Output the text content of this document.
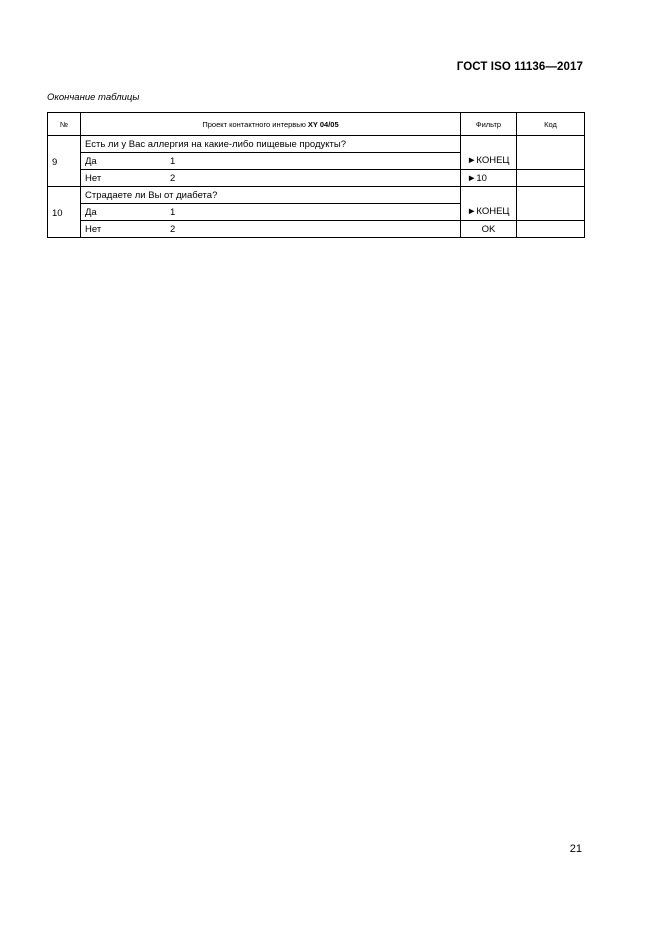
ГОСТ ISO 11136—2017
Окончание таблицы
№	Проект контактного интервью XY 04/05	Фильтр	Код
9	Есть ли у Вас аллергия на какие-либо пищевые продукты?		
	Да 1	►КОНЕЦ	
	Нет 2	►10	
10	Страдаете ли Вы от диабета?		
	Да 1	►КОНЕЦ	
	Нет 2	OK	
21
